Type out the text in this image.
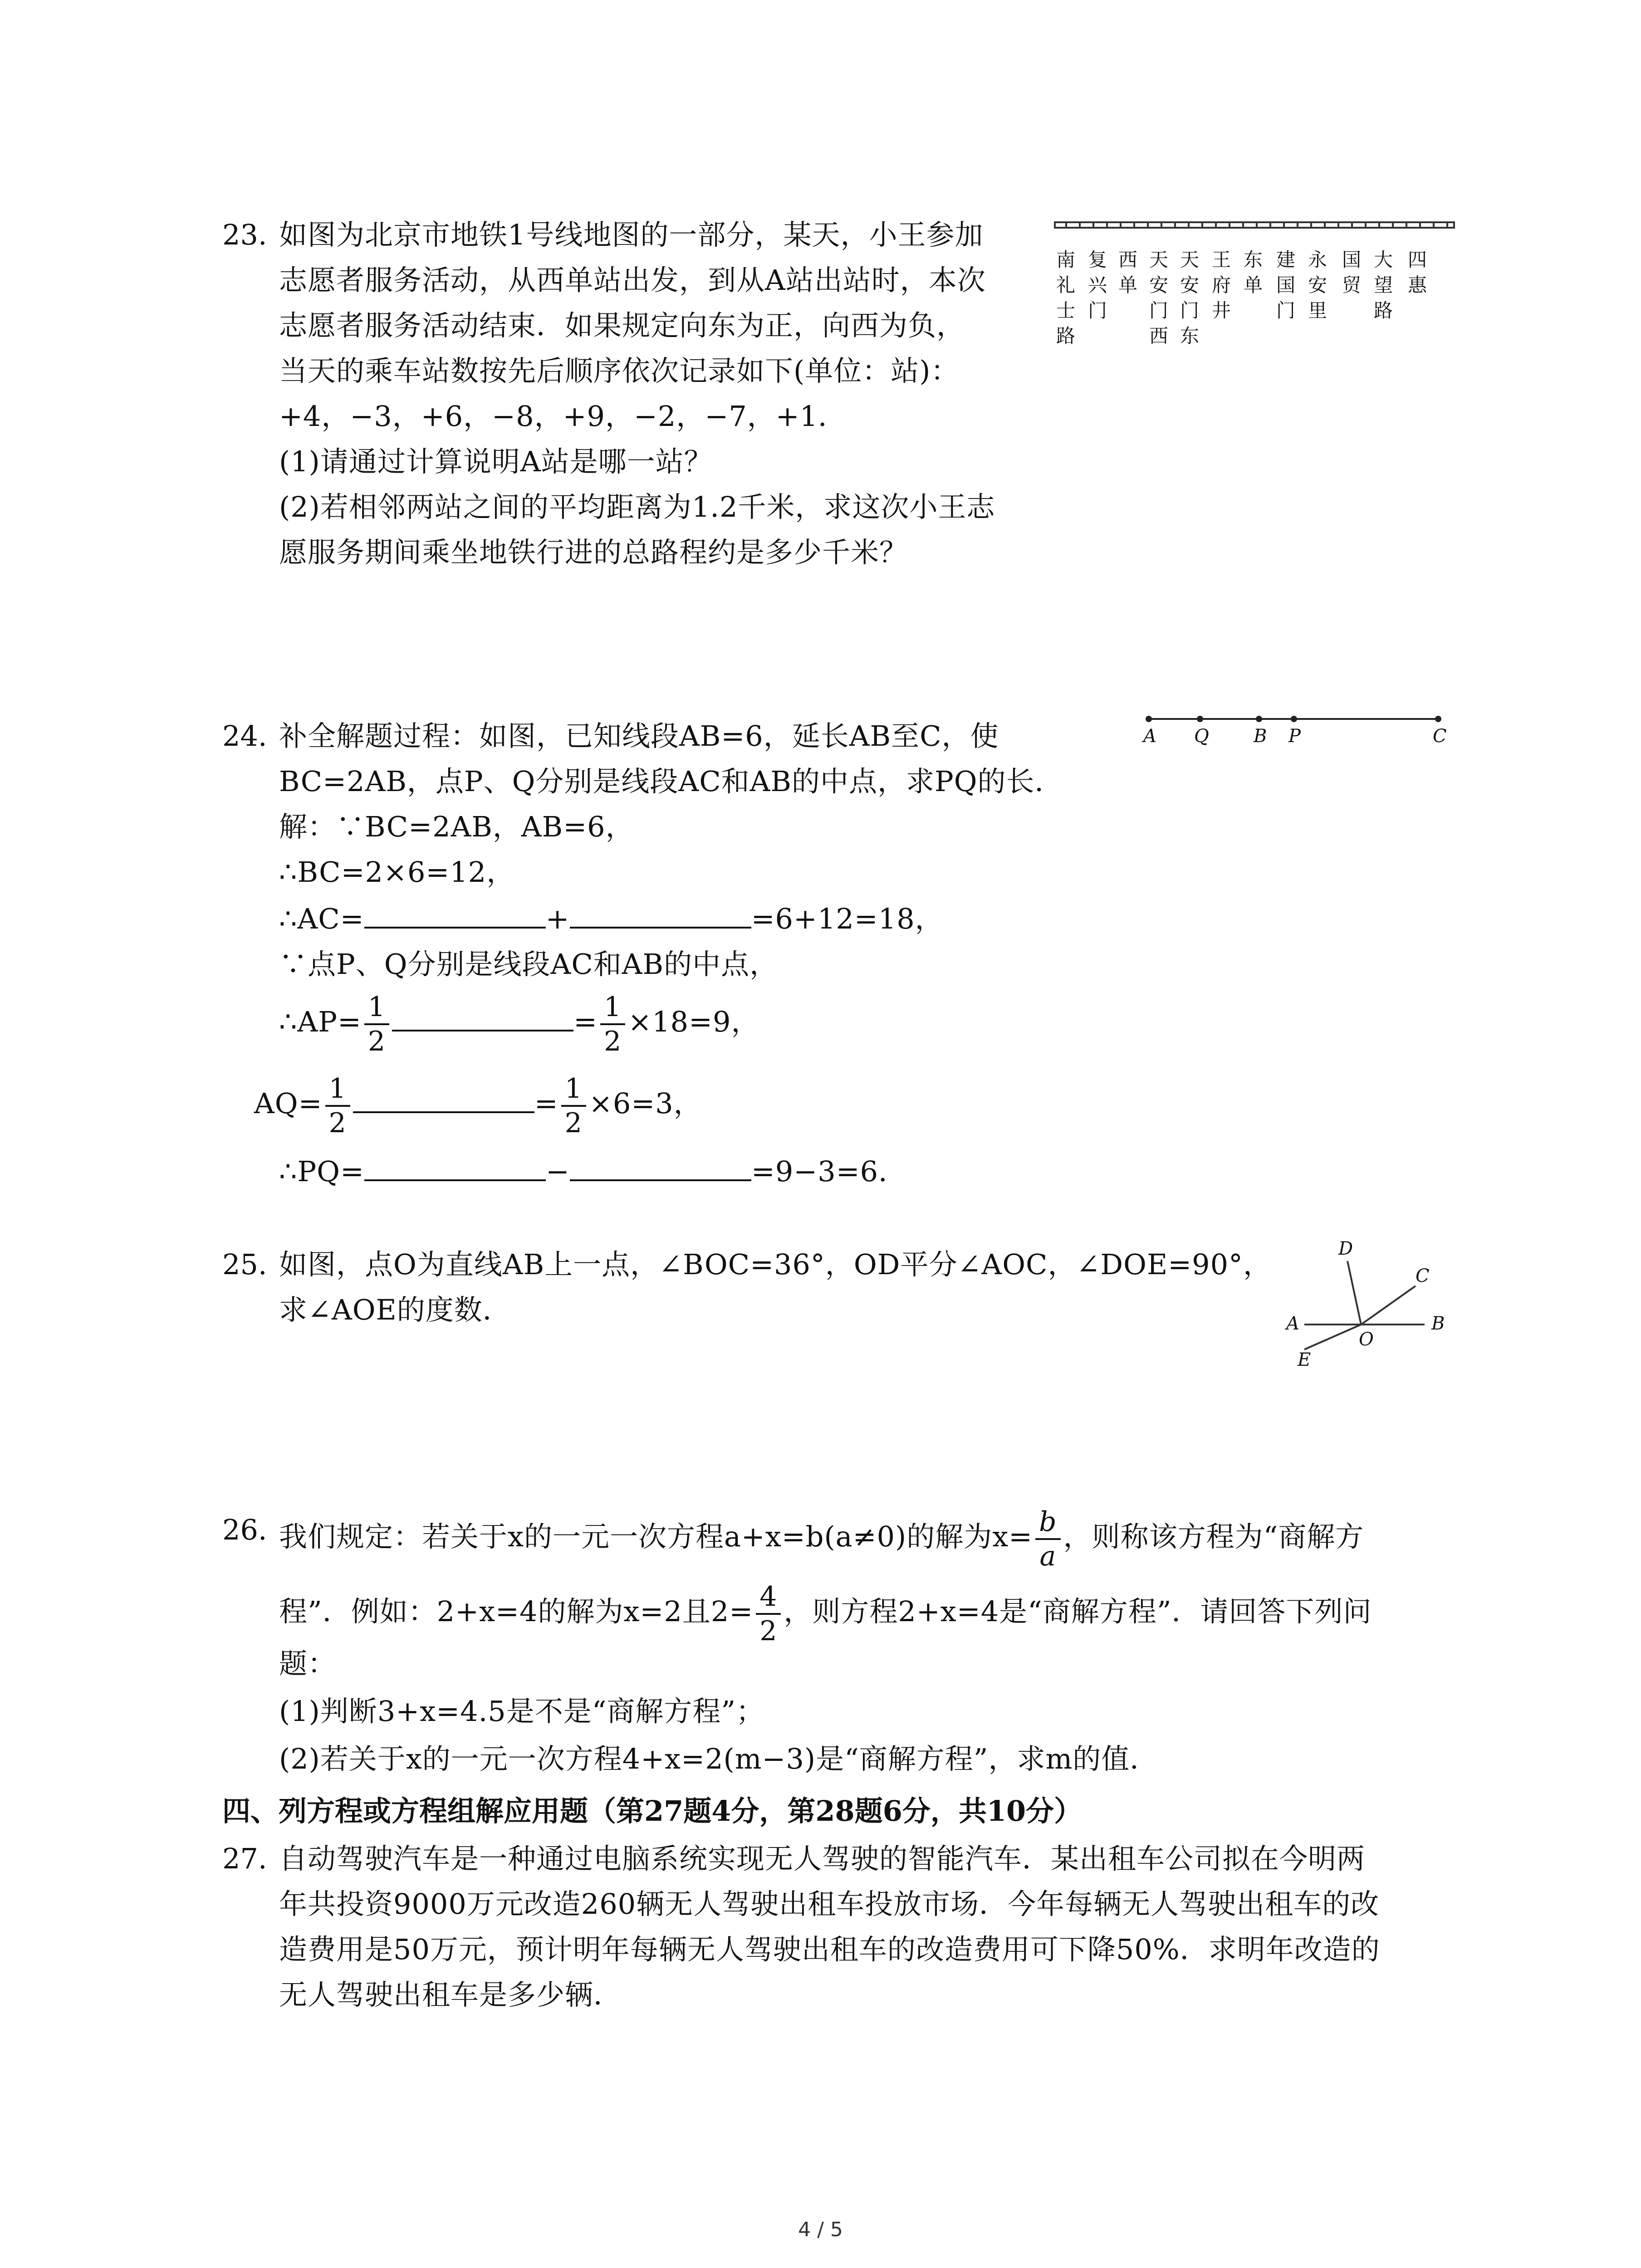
23. 如图为北京市地铁1号线地图的一部分，某天，小王参加
志愿者服务活动，从西单站出发，到从A站出站时，本次
志愿者服务活动结束．如果规定向东为正，向西为负，
当天的乘车站数按先后顺序依次记录如下(单位：站)：
+4，−3，+6，−8，+9，−2，−7，+1．
(1)请通过计算说明A站是哪一站？
(2)若相邻两站之间的平均距离为1.2千米，求这次小王志
愿服务期间乘坐地铁行进的总路程约是多少千米？
南
礼
士
路
复
兴
门
西
单
天
安
门
西
天
安
门
东
王
府
井
东
单
建
国
门
永
安
里
国
贸
大
望
路
四
惠
24. 补全解题过程：如图，已知线段AB=6，延长AB至C，使
BC=2AB，点P、Q分别是线段AC和AB的中点，求PQ的长．
解：∵BC=2AB，AB=6，
∴BC=2×6=12，
∴AC=	+	=6+12=18，
∵点P、Q分别是线段AC和AB的中点，
∴AP= $\frac{1}{2}$	= $\frac{1}{2} \times 18=9$，
$AQ= \frac{1}{2}$	= $\frac{1}{2} \times 6=3$，
∴PQ=	−	=9−3=6．
A Q B P	C
25. 如图，点O为直线AB上一点，∠BOC=36°，OD平分∠AOC，∠DOE=90°，
求∠AOE的度数．
D
C
A
O
B
E
26. 我们规定：若关于x的一元一次方程a+x=b(a≠0)的解为$x= \frac{b}{a}$ ，则称该方程为“商解方
程”．例如：2+x=4的解为x=2且$2= \frac{4}{2}$ ，则方程2+x=4是“商解方程”．请回答下列问
题：
(1)判断3+x=4.5是不是“商解方程”；
(2)若关于x的一元一次方程4+x=2(m−3)是“商解方程”，求m的值．
四、列方程或方程组解应用题（第27题4分，第28题6分，共10分）
27. 自动驾驶汽车是一种通过电脑系统实现无人驾驶的智能汽车．某出租车公司拟在今明两
年共投资9000万元改造260辆无人驾驶出租车投放市场．今年每辆无人驾驶出租车的改
造费用是50万元，预计明年每辆无人驾驶出租车的改造费用可下降50%．求明年改造的
无人驾驶出租车是多少辆．
4 / 5
